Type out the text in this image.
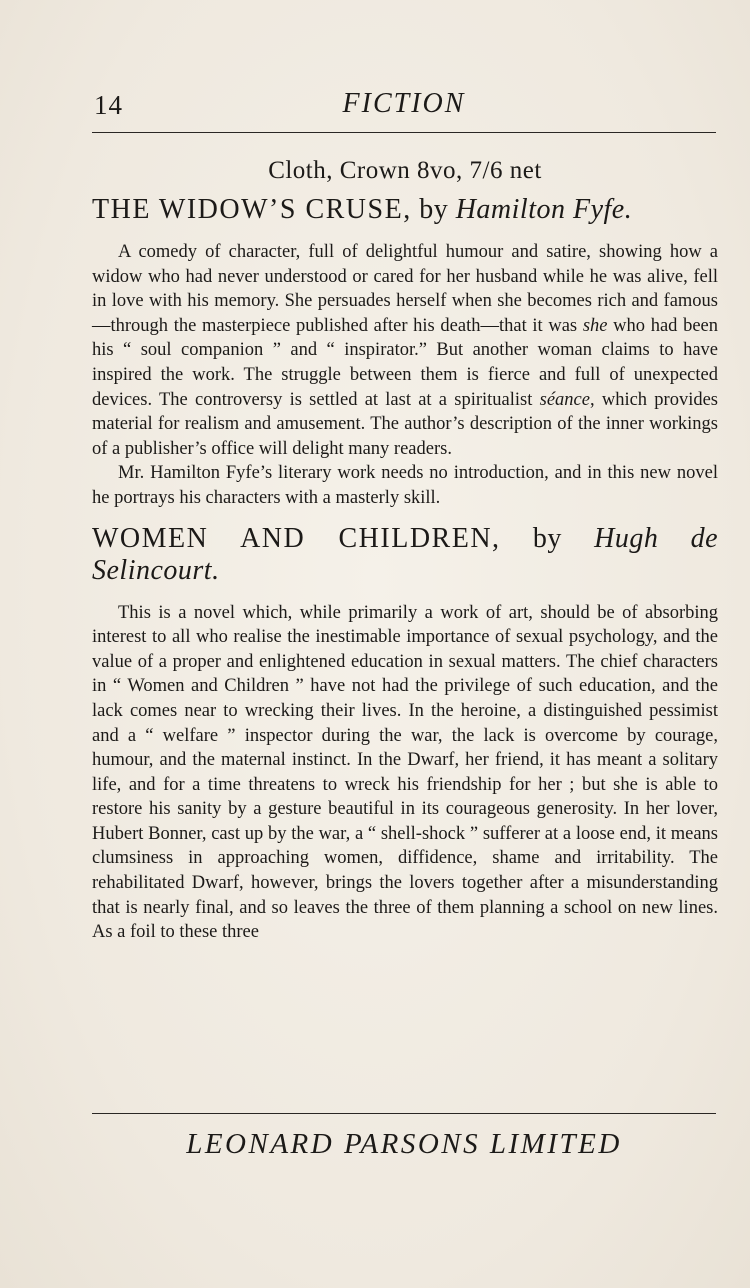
14	FICTION
Cloth, Crown 8vo, 7/6 net
THE WIDOW’S CRUSE, by Hamilton Fyfe.

A comedy of character, full of delightful humour and satire, showing how a widow who had never understood or cared for her husband while he was alive, fell in love with his memory. She persuades herself when she becomes rich and famous—through the masterpiece published after his death—that it was she who had been his “ soul companion ” and “ inspirator.” But another woman claims to have inspired the work. The struggle between them is fierce and full of unexpected devices. The controversy is settled at last at a spiritualist séance, which provides material for realism and amusement. The author’s description of the inner workings of a publisher’s office will delight many readers.

Mr. Hamilton Fyfe’s literary work needs no introduction, and in this new novel he portrays his characters with a masterly skill.

WOMEN AND CHILDREN, by Hugh de Selincourt.

This is a novel which, while primarily a work of art, should be of absorbing interest to all who realise the inestimable importance of sexual psychology, and the value of a proper and enlightened education in sexual matters. The chief characters in “ Women and Children ” have not had the privilege of such education, and the lack comes near to wrecking their lives. In the heroine, a distinguished pessimist and a “ welfare ” inspector during the war, the lack is overcome by courage, humour, and the maternal instinct. In the Dwarf, her friend, it has meant a solitary life, and for a time threatens to wreck his friendship for her ; but she is able to restore his sanity by a gesture beautiful in its courageous generosity. In her lover, Hubert Bonner, cast up by the war, a “ shell-shock ” sufferer at a loose end, it means clumsiness in approaching women, diffidence, shame and irritability. The rehabilitated Dwarf, however, brings the lovers together after a misunderstanding that is nearly final, and so leaves the three of them planning a school on new lines. As a foil to these three

LEONARD PARSONS LIMITED
